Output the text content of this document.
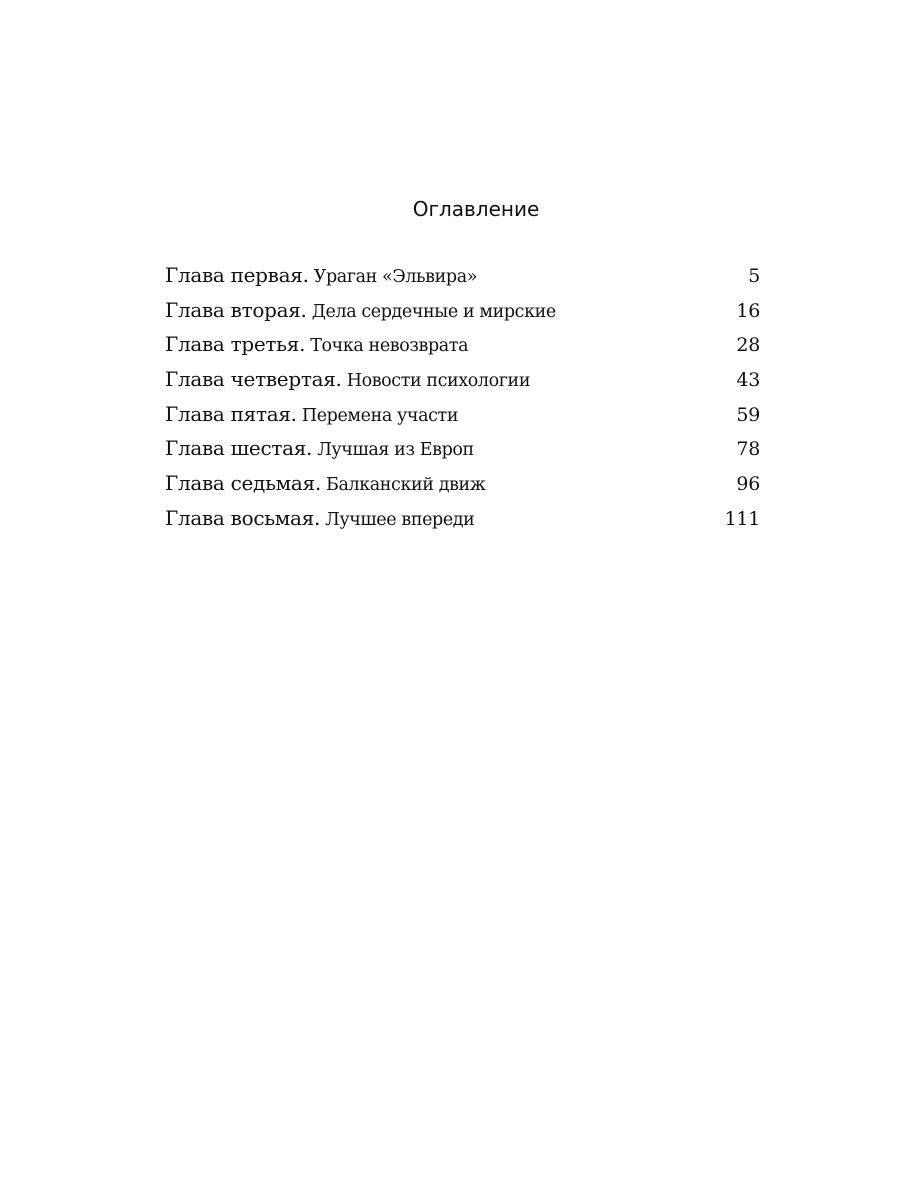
Оглавление
Глава первая. Ураган «Эльвира»	5
Глава вторая. Дела сердечные и мирские	16
Глава третья. Точка невозврата	28
Глава четвертая. Новости психологии	43
Глава пятая. Перемена участи	59
Глава шестая. Лучшая из Европ	78
Глава седьмая. Балканский движ	96
Глава восьмая. Лучшее впереди	111
